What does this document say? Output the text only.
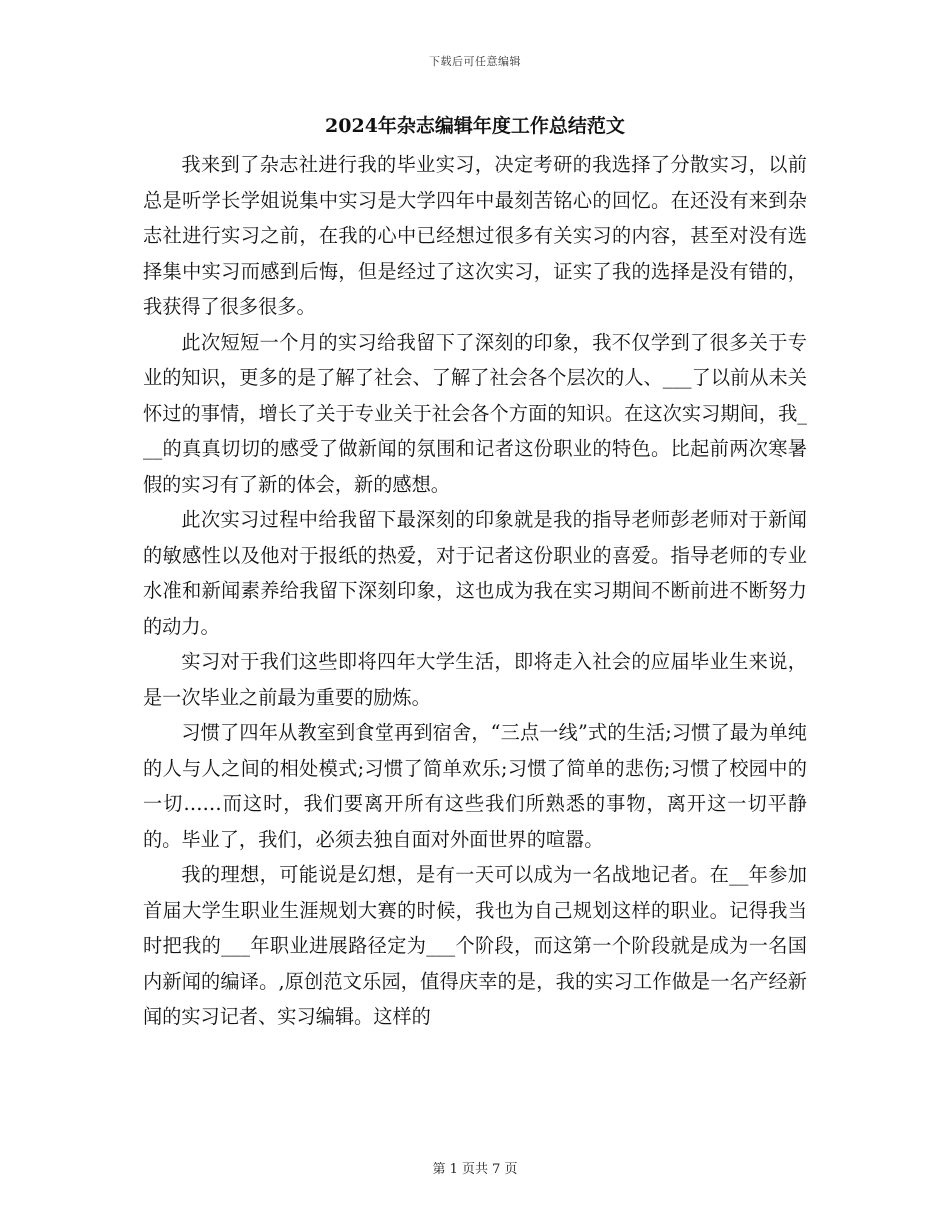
下载后可任意编辑
2024年杂志编辑年度工作总结范文

我来到了杂志社进行我的毕业实习，决定考研的我选择了分散实习，以前总是听学长学姐说集中实习是大学四年中最刻苦铭心的回忆。在还没有来到杂志社进行实习之前，在我的心中已经想过很多有关实习的内容，甚至对没有选择集中实习而感到后悔，但是经过了这次实习，证实了我的选择是没有错的，我获得了很多很多。

此次短短一个月的实习给我留下了深刻的印象，我不仅学到了很多关于专业的知识，更多的是了解了社会、了解了社会各个层次的人、___了以前从未关怀过的事情，增长了关于专业关于社会各个方面的知识。在这次实习期间，我___的真真切切的感受了做新闻的氛围和记者这份职业的特色。比起前两次寒暑假的实习有了新的体会，新的感想。

此次实习过程中给我留下最深刻的印象就是我的指导老师彭老师对于新闻的敏感性以及他对于报纸的热爱，对于记者这份职业的喜爱。指导老师的专业水准和新闻素养给我留下深刻印象，这也成为我在实习期间不断前进不断努力的动力。

实习对于我们这些即将四年大学生活，即将走入社会的应届毕业生来说，是一次毕业之前最为重要的励炼。

习惯了四年从教室到食堂再到宿舍，“三点一线”式的生活;习惯了最为单纯的人与人之间的相处模式;习惯了简单欢乐;习惯了简单的悲伤;习惯了校园中的一切……而这时，我们要离开所有这些我们所熟悉的事物，离开这一切平静的。毕业了，我们，必须去独自面对外面世界的喧嚣。

我的理想，可能说是幻想，是有一天可以成为一名战地记者。在__年参加首届大学生职业生涯规划大赛的时候，我也为自己规划这样的职业。记得我当时把我的___年职业进展路径定为___个阶段，而这第一个阶段就是成为一名国内新闻的编译。,原创范文乐园，值得庆幸的是，我的实习工作做是一名产经新闻的实习记者、实习编辑。这样的

第 1 页共 7 页
